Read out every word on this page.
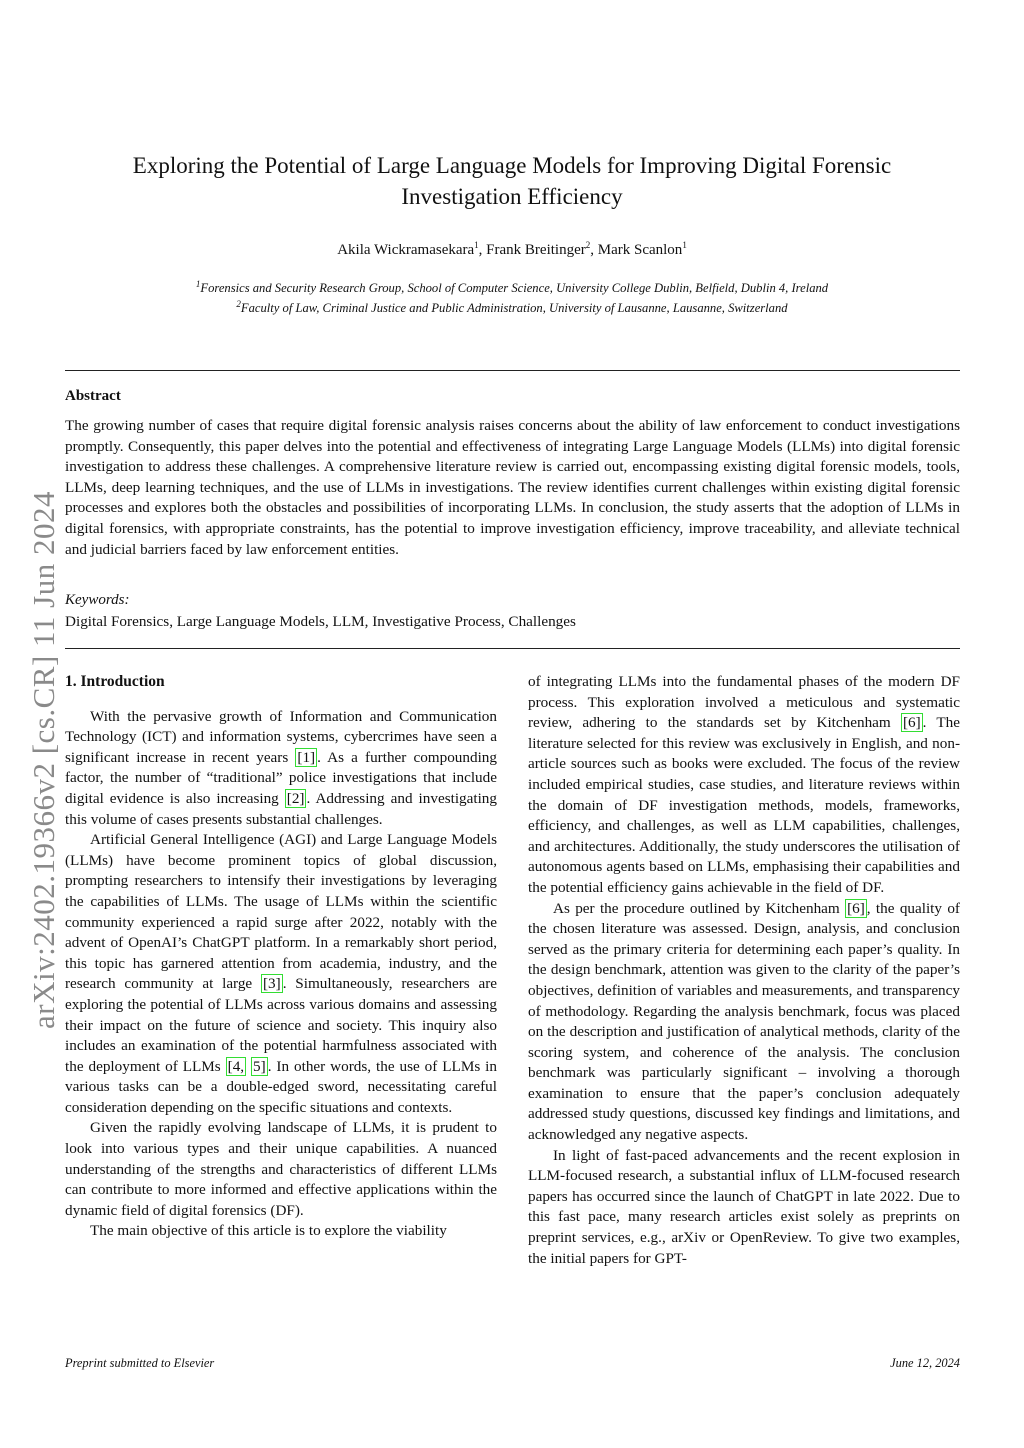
arXiv:2402.19366v2 [cs.CR] 11 Jun 2024
Exploring the Potential of Large Language Models for Improving Digital Forensic
Investigation Efficiency
Akila Wickramasekara$^1$, Frank Breitinger$^2$, Mark Scanlon$^1$
$^1$Forensics and Security Research Group, School of Computer Science, University College Dublin, Belfield, Dublin 4, Ireland
$^2$Faculty of Law, Criminal Justice and Public Administration, University of Lausanne, Lausanne, Switzerland
Abstract
The growing number of cases that require digital forensic analysis raises concerns about the ability of law enforcement to conduct investigations promptly. Consequently, this paper delves into the potential and effectiveness of integrating Large Language Models (LLMs) into digital forensic investigation to address these challenges. A comprehensive literature review is carried out, encompassing existing digital forensic models, tools, LLMs, deep learning techniques, and the use of LLMs in investigations. The review identifies current challenges within existing digital forensic processes and explores both the obstacles and possibilities of incorporating LLMs. In conclusion, the study asserts that the adoption of LLMs in digital forensics, with appropriate constraints, has the potential to improve investigation efficiency, improve traceability, and alleviate technical and judicial barriers faced by law enforcement entities.
Keywords:
Digital Forensics, Large Language Models, LLM, Investigative Process, Challenges
1. Introduction

With the pervasive growth of Information and Communication Technology (ICT) and information systems, cybercrimes have seen a significant increase in recent years [1] . As a further compounding factor, the number of “traditional” police investigations that include digital evidence is also increasing [2] . Addressing and investigating this volume of cases presents substantial challenges.

Artificial General Intelligence (AGI) and Large Language Models (LLMs) have become prominent topics of global discussion, prompting researchers to intensify their investigations by leveraging the capabilities of LLMs. The usage of LLMs within the scientific community experienced a rapid surge after 2022, notably with the advent of OpenAI’s ChatGPT platform. In a remarkably short period, this topic has garnered attention from academia, industry, and the research community at large [3] . Simultaneously, researchers are exploring the potential of LLMs across various domains and assessing their impact on the future of science and society. This inquiry also includes an examination of the potential harmfulness associated with the deployment of LLMs [4, 5] . In other words, the use of LLMs in various tasks can be a double-edged sword, necessitating careful consideration depending on the specific situations and contexts.

Given the rapidly evolving landscape of LLMs, it is prudent to look into various types and their unique capabilities. A nuanced understanding of the strengths and characteristics of different LLMs can contribute to more informed and effective applications within the dynamic field of digital forensics (DF).

The main objective of this article is to explore the viability

of integrating LLMs into the fundamental phases of the modern DF process. This exploration involved a meticulous and systematic review, adhering to the standards set by Kitchenham [6] . The literature selected for this review was exclusively in English, and non-article sources such as books were excluded. The focus of the review included empirical studies, case studies, and literature reviews within the domain of DF investigation methods, models, frameworks, efficiency, and challenges, as well as LLM capabilities, challenges, and architectures. Additionally, the study underscores the utilisation of autonomous agents based on LLMs, emphasising their capabilities and the potential efficiency gains achievable in the field of DF.

As per the procedure outlined by Kitchenham [6] , the quality of the chosen literature was assessed. Design, analysis, and conclusion served as the primary criteria for determining each paper’s quality. In the design benchmark, attention was given to the clarity of the paper’s objectives, definition of variables and measurements, and transparency of methodology. Regarding the analysis benchmark, focus was placed on the description and justification of analytical methods, clarity of the scoring system, and coherence of the analysis. The conclusion benchmark was particularly significant – involving a thorough examination to ensure that the paper’s conclusion adequately addressed study questions, discussed key findings and limitations, and acknowledged any negative aspects.

In light of fast-paced advancements and the recent explosion in LLM-focused research, a substantial influx of LLM-focused research papers has occurred since the launch of ChatGPT in late 2022. Due to this fast pace, many research articles exist solely as preprints on preprint services, e.g., arXiv or OpenReview. To give two examples, the initial papers for GPT-

Preprint submitted to Elsevier	June 12, 2024
